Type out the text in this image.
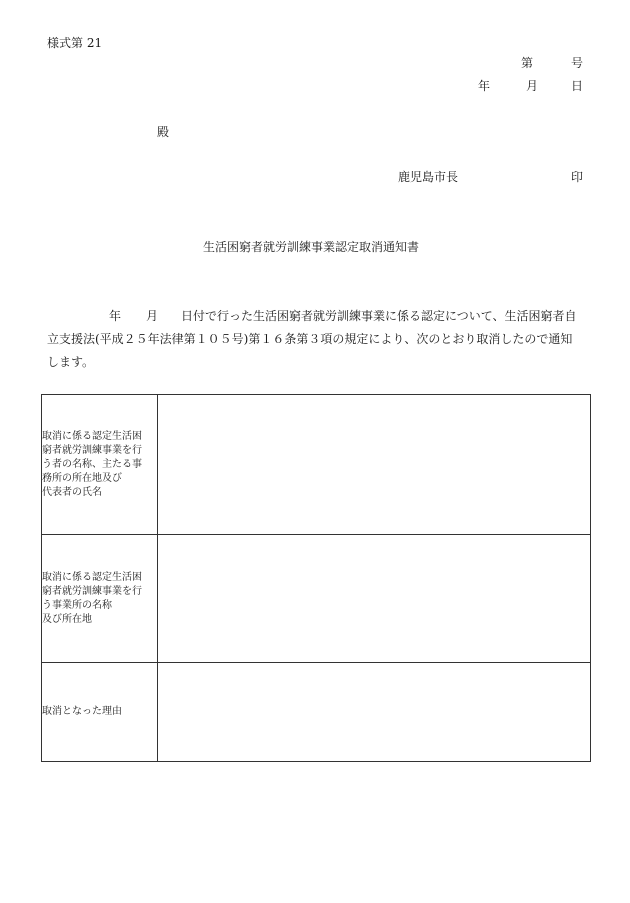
様式第 21
第	号
年	月	日
殿
鹿児島市長	印
生活困窮者就労訓練事業認定取消通知書
年 月 日付で行った生活困窮者就労訓練事業に係る認定について、生活困窮者自
立支援法(平成２５年法律第１０５号)第１６条第３項の規定により、次のとおり取消したので通知
します。
取消に係る認定生活困
窮者就労訓練事業を行
う者の名称、主たる事
務所の所在地及び
代表者の氏名	

取消に係る認定生活困
窮者就労訓練事業を行
う事業所の名称
及び所在地	

取消となった理由	
